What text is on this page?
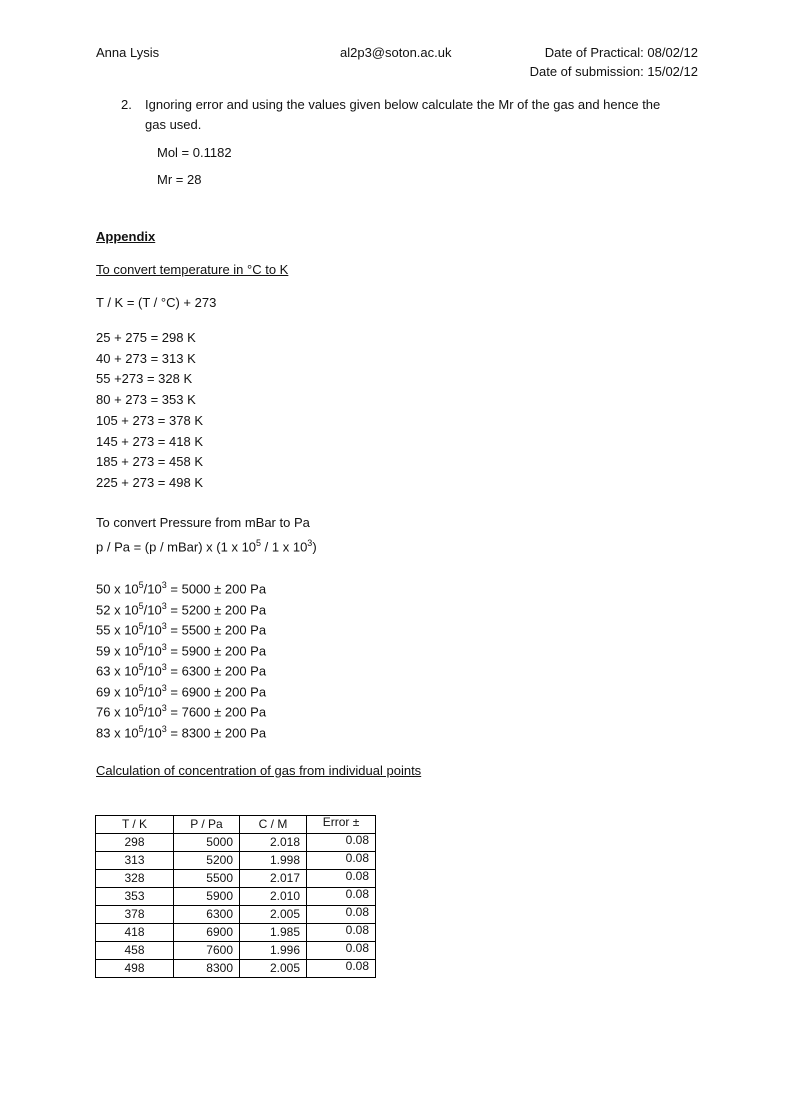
Anna Lysis	al2p3@soton.ac.uk	Date of Practical: 08/02/12
Date of submission: 15/02/12
2. Ignoring error and using the values given below calculate the Mr of the gas and hence the
gas used.
Mol = 0.1182
Mr = 28
Appendix
To convert temperature in °C to K
T / K = (T / °C) + 273
25 + 275 = 298 K
40 + 273 = 313 K
55 +273 = 328 K
80 + 273 = 353 K
105 + 273 = 378 K
145 + 273 = 418 K
185 + 273 = 458 K
225 + 273 = 498 K
To convert Pressure from mBar to Pa
p / Pa = (p / mBar) x (1 x $10^5 / 1$ x $10^3$)
50 x $10^5/10^3 = 5000 \pm 200$ Pa
52 x $10^5/10^3 = 5200 \pm 200$ Pa
55 x $10^5/10^3 = 5500 \pm 200$ Pa
59 x $10^5/10^3 = 5900 \pm 200$ Pa
63 x $10^5/10^3 = 6300 \pm 200$ Pa
69 x $10^5/10^3 = 6900 \pm 200$ Pa
76 x $10^5/10^3 = 7600 \pm 200$ Pa
83 x $10^5/10^3 = 8300 \pm 200$ Pa
Calculation of concentration of gas from individual points
T / K	P / Pa	C / M	Error ±
298	5000	2.018	0.08
313	5200	1.998	0.08
328	5500	2.017	0.08
353	5900	2.010	0.08
378	6300	2.005	0.08
418	6900	1.985	0.08
458	7600	1.996	0.08
498	8300	2.005	0.08
